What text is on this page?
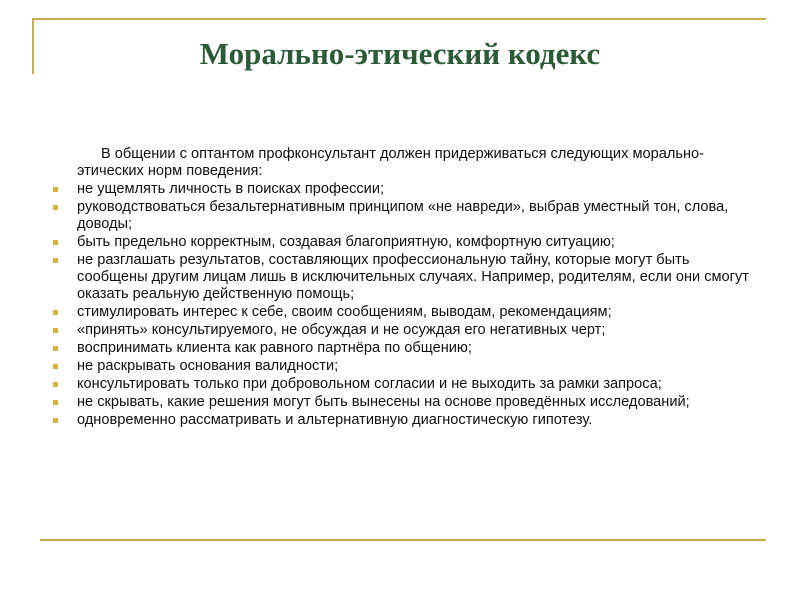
Морально-этический кодекс

В общении с оптантом профконсультант должен придерживаться следующих морально-этических норм поведения:

не ущемлять личность в поисках профессии;
руководствоваться безальтернативным принципом «не навреди», выбрав уместный тон, слова, доводы;
быть предельно корректным, создавая благоприятную, комфортную ситуацию;
не разглашать результатов, составляющих профессиональную тайну, которые могут быть сообщены другим лицам лишь в исключительных случаях. Например, родителям, если они смогут оказать реальную действенную помощь;
стимулировать интерес к себе, своим сообщениям, выводам, рекомендациям;
«принять» консультируемого, не обсуждая и не осуждая его негативных черт;
воспринимать клиента как равного партнёра по общению;
не раскрывать основания валидности;
консультировать только при добровольном согласии и не выходить за рамки запроса;
не скрывать, какие решения могут быть вынесены на основе проведённых исследований;
одновременно рассматривать и альтернативную диагностическую гипотезу.
